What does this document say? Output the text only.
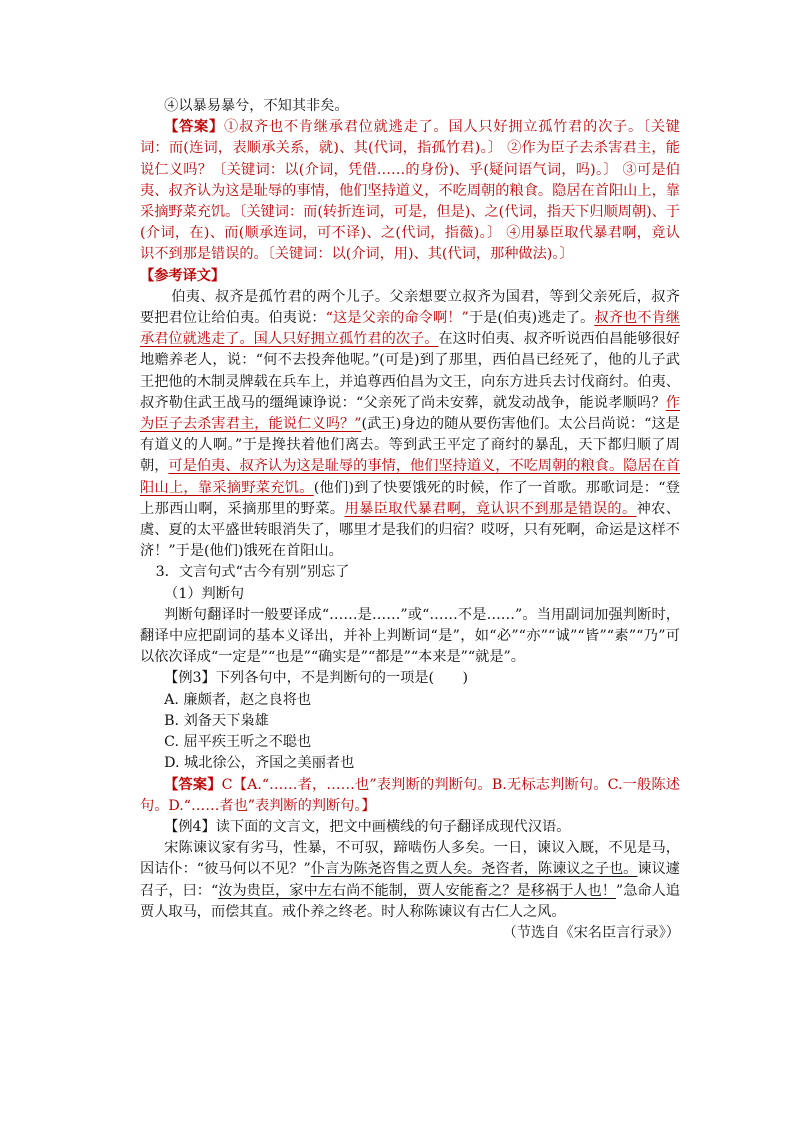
④以暴易暴兮，不知其非矣。

【答案】①叔齐也不肯继承君位就逃走了。国人只好拥立孤竹君的次子。〔关键词：而(连词，表顺承关系，就)、其(代词，指孤竹君)。〕 ②作为臣子去杀害君主，能说仁义吗？〔关键词：以(介词，凭借……的身份)、乎(疑问语气词，吗)。〕 ③可是伯夷、叔齐认为这是耻辱的事情，他们坚持道义，不吃周朝的粮食。隐居在首阳山上，靠采摘野菜充饥。〔关键词：而(转折连词，可是，但是)、之(代词，指天下归顺周朝)、于(介词，在)、而(顺承连词，可不译)、之(代词，指薇)。〕 ④用暴臣取代暴君啊，竟认识不到那是错误的。〔关键词：以(介词，用)、其(代词，那种做法)。〕

【参考译文】

伯夷、叔齐是孤竹君的两个儿子。父亲想要立叔齐为国君，等到父亲死后，叔齐要把君位让给伯夷。伯夷说：“这是父亲的命令啊！”于是(伯夷)逃走了。叔齐也不肯继承君位就逃走了。国人只好拥立孤竹君的次子。在这时伯夷、叔齐听说西伯昌能够很好地赡养老人，说：“何不去投奔他呢。”(可是)到了那里，西伯昌已经死了，他的儿子武王把他的木制灵牌载在兵车上，并追尊西伯昌为文王，向东方进兵去讨伐商纣。伯夷、叔齐勒住武王战马的缰绳谏诤说：“父亲死了尚未安葬，就发动战争，能说孝顺吗？作为臣子去杀害君主，能说仁义吗？”(武王)身边的随从要伤害他们。太公吕尚说：“这是有道义的人啊。”于是搀扶着他们离去。等到武王平定了商纣的暴乱，天下都归顺了周朝，可是伯夷、叔齐认为这是耻辱的事情，他们坚持道义，不吃周朝的粮食。隐居在首阳山上，靠采摘野菜充饥。(他们)到了快要饿死的时候，作了一首歌。那歌词是：“登上那西山啊，采摘那里的野菜。用暴臣取代暴君啊，竟认识不到那是错误的。神农、虞、夏的太平盛世转眼消失了，哪里才是我们的归宿？哎呀，只有死啊，命运是这样不济！”于是(他们)饿死在首阳山。

3．文言句式“古今有别”别忘了

（1）判断句

判断句翻译时一般要译成“……是……”或“……不是……”。当用副词加强判断时，翻译中应把副词的基本义译出，并补上判断词“是”，如“必”“亦”“诚”“皆”“素”“乃”可以依次译成“一定是”“也是”“确实是”“都是”“本来是”“就是”。

【例3】下列各句中，不是判断句的一项是(　　)

A. 廉颇者，赵之良将也

B. 刘备天下枭雄

C. 屈平疾王听之不聪也

D. 城北徐公，齐国之美丽者也

【答案】C【A.“……者，……也”表判断的判断句。B.无标志判断句。C.一般陈述句。D.“……者也”表判断的判断句。】

【例4】读下面的文言文，把文中画横线的句子翻译成现代汉语。

宋陈谏议家有劣马，性暴，不可驭，蹄啮伤人多矣。一日，谏议入厩，不见是马，因诘仆：“彼马何以不见？”仆言为陈尧咨售之贾人矣。尧咨者，陈谏议之子也。谏议遽召子，曰：“汝为贵臣，家中左右尚不能制，贾人安能畜之？是移祸于人也！”急命人追贾人取马，而偿其直。戒仆养之终老。时人称陈谏议有古仁人之风。

（节选自《宋名臣言行录》）
